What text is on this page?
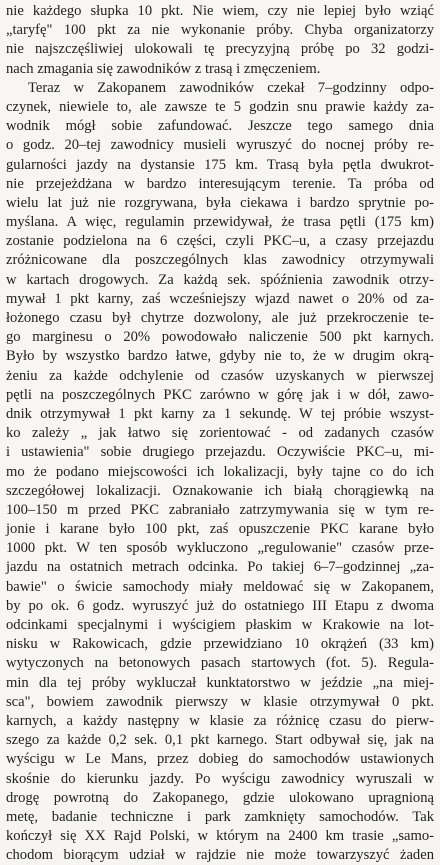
nie każdego słupka 10 pkt. Nie wiem, czy nie lepiej było wziąć
„taryfę" 100 pkt za nie wykonanie próby. Chyba organizatorzy
nie najszczęśliwiej ulokowali tę precyzyjną próbę po 32 godzi-
nach zmagania się zawodników z trasą i zmęczeniem.
Teraz w Zakopanem zawodników czekał 7–godzinny odpo-
czynek, niewiele to, ale zawsze te 5 godzin snu prawie każdy za-
wodnik mógł sobie zafundować. Jeszcze tego samego dnia
o godz. 20–tej zawodnicy musieli wyruszyć do nocnej próby re-
gularności jazdy na dystansie 175 km. Trasą była pętla dwukrot-
nie przejeżdżana w bardzo interesującym terenie. Ta próba od
wielu lat już nie rozgrywana, była ciekawa i bardzo sprytnie po-
myślana. A więc, regulamin przewidywał, że trasa pętli (175 km)
zostanie podzielona na 6 części, czyli PKC–u, a czasy przejazdu
zróżnicowane dla poszczególnych klas zawodnicy otrzymywali
w kartach drogowych. Za każdą sek. spóźnienia zawodnik otrzy-
mywał 1 pkt karny, zaś wcześniejszy wjazd nawet o 20% od za-
łożonego czasu był chytrze dozwolony, ale już przekroczenie te-
go marginesu o 20% powodowało naliczenie 500 pkt karnych.
Było by wszystko bardzo łatwe, gdyby nie to, że w drugim okrą-
żeniu za każde odchylenie od czasów uzyskanych w pierwszej
pętli na poszczególnych PKC zarówno w górę jak i w dół, zawo-
dnik otrzymywał 1 pkt karny za 1 sekundę. W tej próbie wszyst-
ko zależy „ jak łatwo się zorientować - od zadanych czasów
i ustawienia" sobie drugiego przejazdu. Oczywiście PKC–u, mi-
mo że podano miejscowości ich lokalizacji, były tajne co do ich
szczegółowej lokalizacji. Oznakowanie ich białą chorągiewką na
100–150 m przed PKC zabraniało zatrzymywania się w tym re-
jonie i karane było 100 pkt, zaś opuszczenie PKC karane było
1000 pkt. W ten sposób wykluczono „regulowanie" czasów prze-
jazdu na ostatnich metrach odcinka. Po takiej 6–7–godzinnej „za-
bawie" o świcie samochody miały meldować się w Zakopanem,
by po ok. 6 godz. wyruszyć już do ostatniego III Etapu z dwoma
odcinkami specjalnymi i wyścigiem płaskim w Krakowie na lot-
nisku w Rakowicach, gdzie przewidziano 10 okrążeń (33 km)
wytyczonych na betonowych pasach startowych (fot. 5). Regula-
min dla tej próby wykluczał kunktatorstwo w jeździe „na miej-
sca", bowiem zawodnik pierwszy w klasie otrzymywał 0 pkt.
karnych, a każdy następny w klasie za różnicę czasu do pierw-
szego za każde 0,2 sek. 0,1 pkt karnego. Start odbywał się, jak na
wyścigu w Le Mans, przez dobieg do samochodów ustawionych
skośnie do kierunku jazdy. Po wyścigu zawodnicy wyruszali w
drogę powrotną do Zakopanego, gdzie ulokowano upragnioną
metę, badanie techniczne i park zamknięty samochodów. Tak
kończył się XX Rajd Polski, w którym na 2400 km trasie „samo-
chodom biorącym udział w rajdzie nie może towarzyszyć żaden
